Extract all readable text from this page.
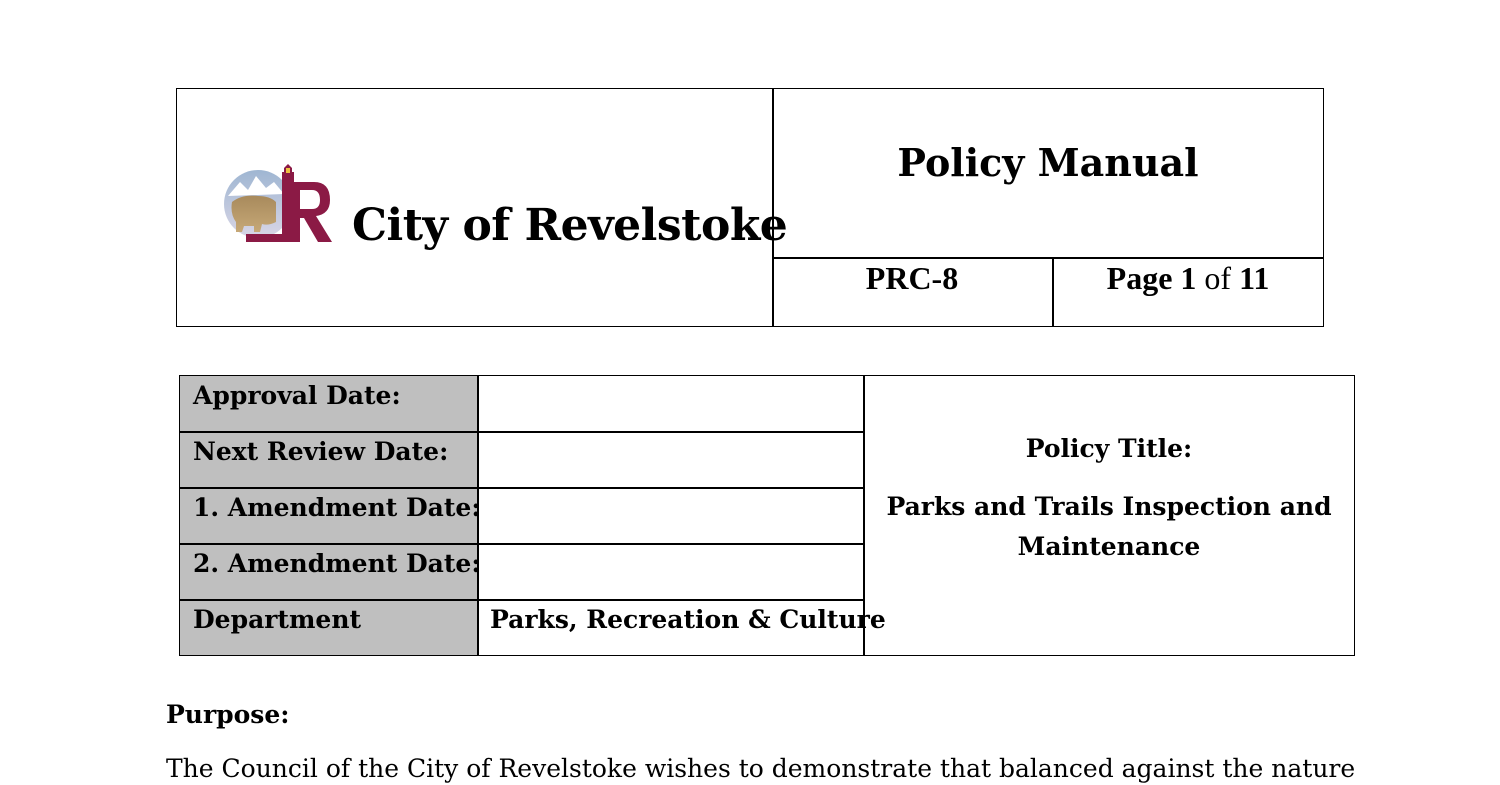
City of Revelstoke
Policy Manual
PRC-8	Page 1 of 11
Approval Date:
Next Review Date:
1. Amendment Date:
2. Amendment Date:
Department	Parks, Recreation & Culture
Policy Title:
Parks and Trails Inspection and Maintenance
Purpose:
The Council of the City of Revelstoke wishes to demonstrate that balanced against the nature
